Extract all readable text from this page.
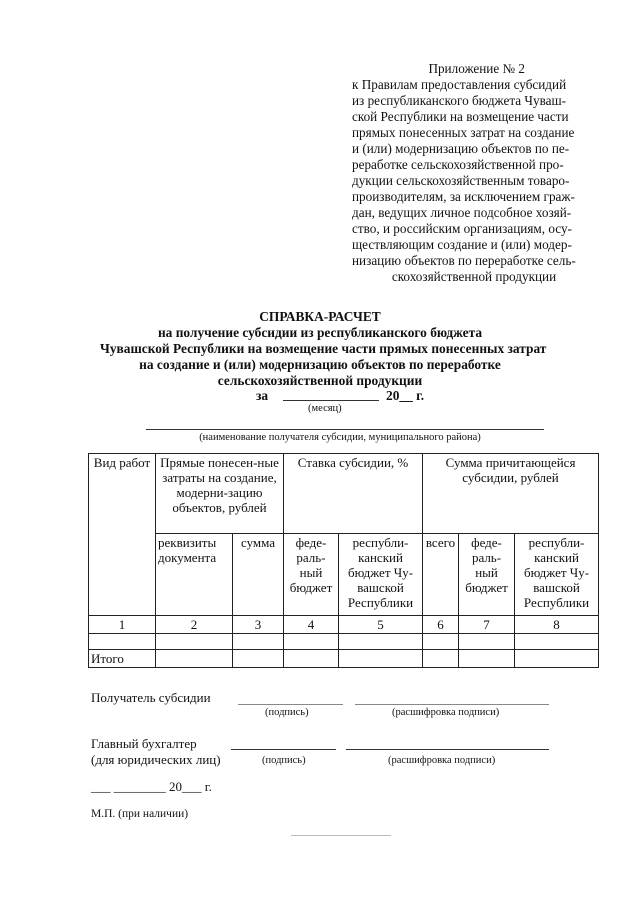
Приложение № 2

к Правилам предоставления субсидий

из республиканского бюджета Чуваш-

ской Республики на возмещение части

прямых понесенных затрат на создание

и (или) модернизацию объектов по пе-

реработке сельскохозяйственной про-

дукции сельскохозяйственным товаро-

производителям, за исключением граж-

дан, ведущих личное подсобное хозяй-

ство, и российским организациям, осу-

ществляющим создание и (или) модер-

низацию объектов по переработке сель-

скохозяйственной продукции

СПРАВКА-РАСЧЕТ
на получение субсидии из республиканского бюджета
Чувашской Республики на возмещение части прямых понесенных затрат
на создание и (или) модернизацию объектов по переработке
сельскохозяйственной продукции
за	20__ г.
(месяц)
(наименование получателя субсидии, муниципального района)
Вид работ	Прямые понесен-ные затраты на создание, модерни-зацию объектов, рублей		Ставка субсидии, %		Сумма причитающейся субсидии, рублей		
	реквизиты документа	сумма	феде-раль-ный бюджет	республи-канский бюджет Чу-вашской Республики	всего	феде-раль-ный бюджет	республи-канский бюджет Чу-вашской Республики
1	2	3	4	5	6	7	8

Итого							
Получатель субсидии
(подпись)	(расшифровка подписи)
Главный бухгалтер
(для юридических лиц)	(подпись)	(расшифровка подписи)
___ ________ 20___ г.
М.П. (при наличии)
